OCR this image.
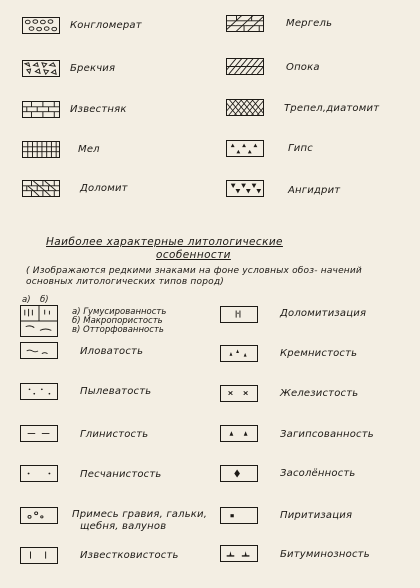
Конгломерат
Брекчия
Известняк
Мел
Доломит
Мергель
Опока
Трепел,диатомит
Гипс
Ангидрит
Наиболее характерные литологические
особенности
( Изображаются редкими знаками на фоне условных обоз- начений основных литологических типов пород)
а) б)
а) Гумусированность
б) Макропористость
в) Отторфованность
Иловатость
Пылеватость
Глинистость
Песчанистость
Примесь гравия, гальки,
щебня, валунов
Известковистость
Доломитизация
Кремнистость
Железистость
Загипсованность
Засолённость
Пиритизация
Битуминозность
